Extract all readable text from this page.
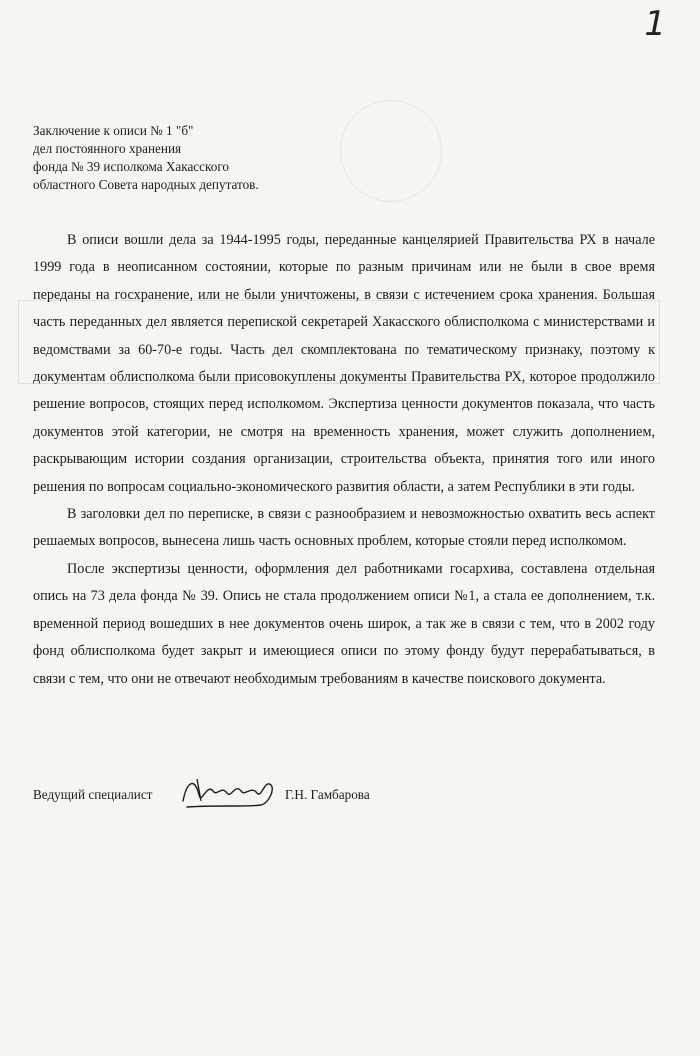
1
Заключение к описи № 1 "б"
дел постоянного хранения
фонда № 39 исполкома Хакасского
областного Совета народных депутатов.

В описи вошли дела за 1944-1995 годы, переданные канцелярией Правительства РХ в начале 1999 года в неописанном состоянии, которые по разным причинам или не были в свое время переданы на госхранение, или не были уничтожены, в связи с истечением срока хранения. Большая часть переданных дел является перепиской секретарей Хакасского облисполкома с министерствами и ведомствами за 60-70-е годы. Часть дел скомплектована по тематическому признаку, поэтому к документам облисполкома были присовокуплены документы Правительства РХ, которое продолжило решение вопросов, стоящих перед исполкомом. Экспертиза ценности документов показала, что часть документов этой категории, не смотря на временность хранения, может служить дополнением, раскрывающим истории создания организации, строительства объекта, принятия того или иного решения по вопросам социально-экономического развития области, а затем Республики в эти годы.

В заголовки дел по переписке, в связи с разнообразием и невозможностью охватить весь аспект решаемых вопросов, вынесена лишь часть основных проблем, которые стояли перед исполкомом.

После экспертизы ценности, оформления дел работниками госархива, составлена отдельная опись на 73 дела фонда № 39. Опись не стала продолжением описи №1, а стала ее дополнением, т.к. временной период вошедших в нее документов очень широк, а так же в связи с тем, что в 2002 году фонд облисполкома будет закрыт и имеющиеся описи по этому фонду будут перерабатываться, в связи с тем, что они не отвечают необходимым требованиям в качестве поискового документа.

Ведущий специалист	Г.Н. Гамбарова
